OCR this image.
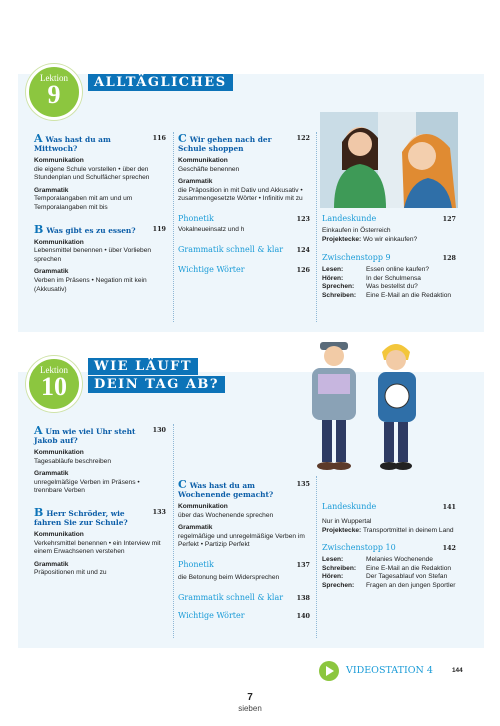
Lektion
9	ALLTÄGLICHES
A Was hast du am Mittwoch?
116
Kommunikation
die eigene Schule vorstellen • über den Stundenplan und Schulfächer sprechen
Grammatik
Temporalangaben mit am und um Temporalangaben mit bis
B Was gibt es zu essen?	119
Kommunikation
Lebensmittel benennen • über Vorlieben sprechen
Grammatik
Verben im Präsens • Negation mit kein (Akkusativ)
C Wir gehen nach der Schule shoppen
122
Kommunikation
Geschäfte benennen
Grammatik
die Präposition in mit Dativ und Akkusativ • zusammengesetzte Wörter • Infinitiv mit zu
Phonetik	123
Vokalneueinsatz und h
Grammatik schnell & klar 124
Wichtige Wörter	126
Landeskunde	127
Einkaufen in Österreich
Projektecke: Wo wir einkaufen?
Zwischenstopp 9	128
Lesen:	Essen online kaufen?
Hören:	In der Schulmensa
Sprechen:	Was bestellst du?
Schreiben:	Eine E-Mail an die Redaktion
Lektion
10
WIE LÄUFT
DEIN TAG AB?
A Um wie viel Uhr steht Jakob auf?
130
Kommunikation
Tagesabläufe beschreiben
Grammatik
unregelmäßige Verben im Präsens • trennbare Verben
B Herr Schröder, wie fahren Sie zur Schule?
133
Kommunikation
Verkehrsmittel benennen • ein Interview mit einem Erwachsenen verstehen
Grammatik
Präpositionen mit und zu
C Was hast du am Wochenende gemacht?
135
Kommunikation
über das Wochenende sprechen
Grammatik
regelmäßige und unregelmäßige Verben im Perfekt • Partizip Perfekt
Phonetik	137
die Betonung beim Widersprechen
Grammatik schnell & klar 138
Wichtige Wörter	140
Landeskunde	141
Nur in Wuppertal
Projektecke: Transportmittel in deinem Land
Zwischenstopp 10	142
Lesen:	Melanies Wochenende
Schreiben:	Eine E-Mail an die Redaktion
Hören:	Der Tagesablauf von Stefan
Sprechen:	Fragen an den jungen Sportler
VIDEOSTATION 4	144
7
sieben
